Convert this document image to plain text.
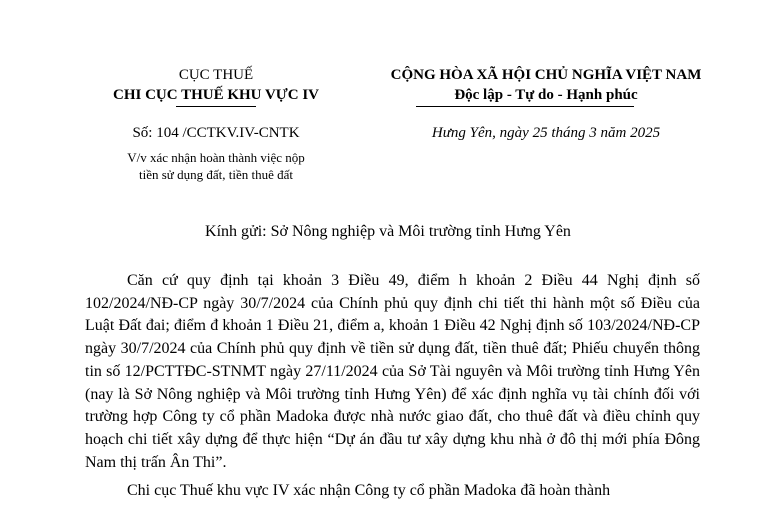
CỤC THUẾ
CHI CỤC THUẾ KHU VỰC IV
CỘNG HÒA XÃ HỘI CHỦ NGHĨA VIỆT NAM
Độc lập - Tự do - Hạnh phúc
Số: 104 /CCTKV.IV-CNTK	Hưng Yên, ngày 25 tháng 3 năm 2025
V/v xác nhận hoàn thành việc nộp
tiền sử dụng đất, tiền thuê đất
Kính gửi: Sở Nông nghiệp và Môi trường tỉnh Hưng Yên

Căn cứ quy định tại khoản 3 Điều 49, điểm h khoản 2 Điều 44 Nghị định số 102/2024/NĐ-CP ngày 30/7/2024 của Chính phủ quy định chi tiết thi hành một số Điều của Luật Đất đai; điểm đ khoản 1 Điều 21, điểm a, khoản 1 Điều 42 Nghị định số 103/2024/NĐ-CP ngày 30/7/2024 của Chính phủ quy định về tiền sử dụng đất, tiền thuê đất; Phiếu chuyển thông tin số 12/PCTTĐC-STNMT ngày 27/11/2024 của Sở Tài nguyên và Môi trường tỉnh Hưng Yên (nay là Sở Nông nghiệp và Môi trường tỉnh Hưng Yên) để xác định nghĩa vụ tài chính đối với trường hợp Công ty cổ phần Madoka được nhà nước giao đất, cho thuê đất và điều chỉnh quy hoạch chi tiết xây dựng để thực hiện “Dự án đầu tư xây dựng khu nhà ở đô thị mới phía Đông Nam thị trấn Ân Thi”.

Chi cục Thuế khu vực IV xác nhận Công ty cổ phần Madoka đã hoàn thành
